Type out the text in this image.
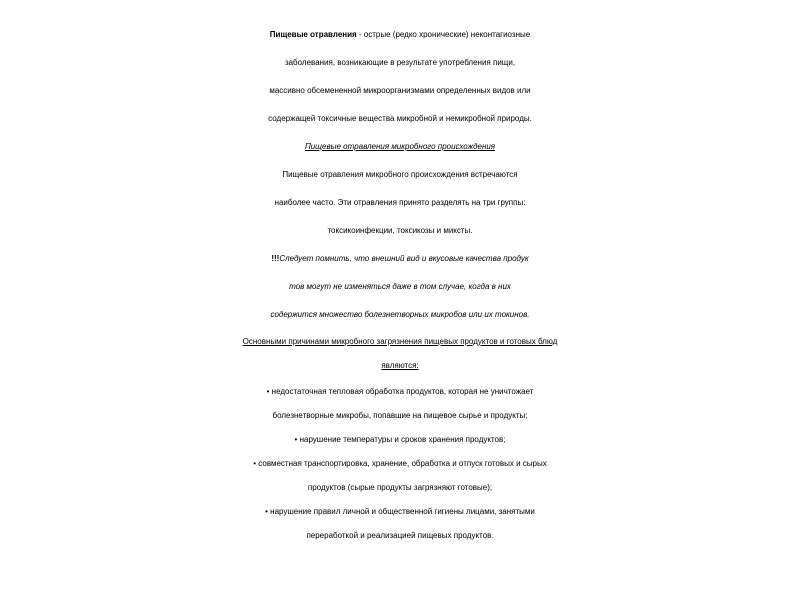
Пищевые отравления - острые (редко хронические) неконтагиозные
заболевания, возникающие в результате употребления пищи,
массивно обсемененной микроорганизмами определенных видов или
содержащей токсичные вещества микробной и немикробной природы.
Пищевые отравления микробного происхождения
Пищевые отравления микробного происхождения встречаются
наиболее часто. Эти отравления принято разделять на три группы:
токсикоинфекции, токсикозы и миксты.
!!!Следует помнить, что внешний вид и вкусовые качества продук
тов могут не изменяться даже в том случае, когда в них
содержится множество болезнетворных микробов или их токинов.
Основными причинами микробного загрязнения пищевых продуктов и готовых блюд
являются:
• недостаточная тепловая обработка продуктов, которая не уничтожает
болезнетворные микробы, попавшие на пищевое сырье и продукты;
• нарушение температуры и сроков хранения продуктов;
• совместная транспортировка, хранение, обработка и отпуск готовых и сырых
продуктов (сырые продукты загрязняют готовые);
• нарушение правил личной и общественной гигиены лицами, занятыми
переработкой и реализацией пищевых продуктов.
